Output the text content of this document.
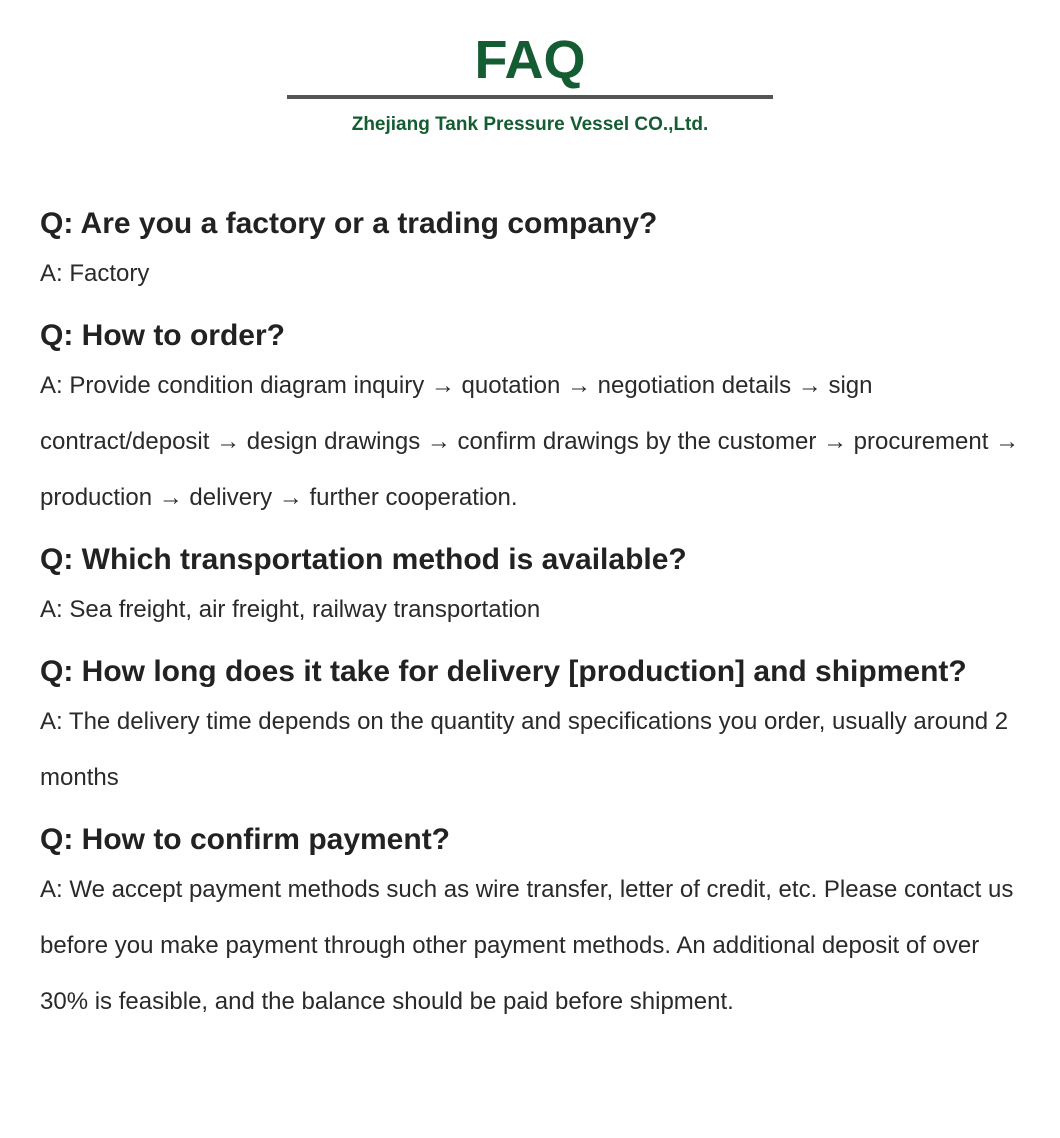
FAQ
Zhejiang Tank Pressure Vessel CO.,Ltd.

Q: Are you a factory or a trading company?

A: Factory

Q: How to order?

A: Provide condition diagram inquiry → quotation → negotiation details → sign contract/deposit → design drawings → confirm drawings by the customer → procurement → production → delivery → further cooperation.

Q: Which transportation method is available?

A: Sea freight, air freight, railway transportation

Q: How long does it take for delivery [production] and shipment?

A: The delivery time depends on the quantity and specifications you order, usually around 2 months

Q: How to confirm payment?

A: We accept payment methods such as wire transfer, letter of credit, etc. Please contact us before you make payment through other payment methods. An additional deposit of over 30% is feasible, and the balance should be paid before shipment.
